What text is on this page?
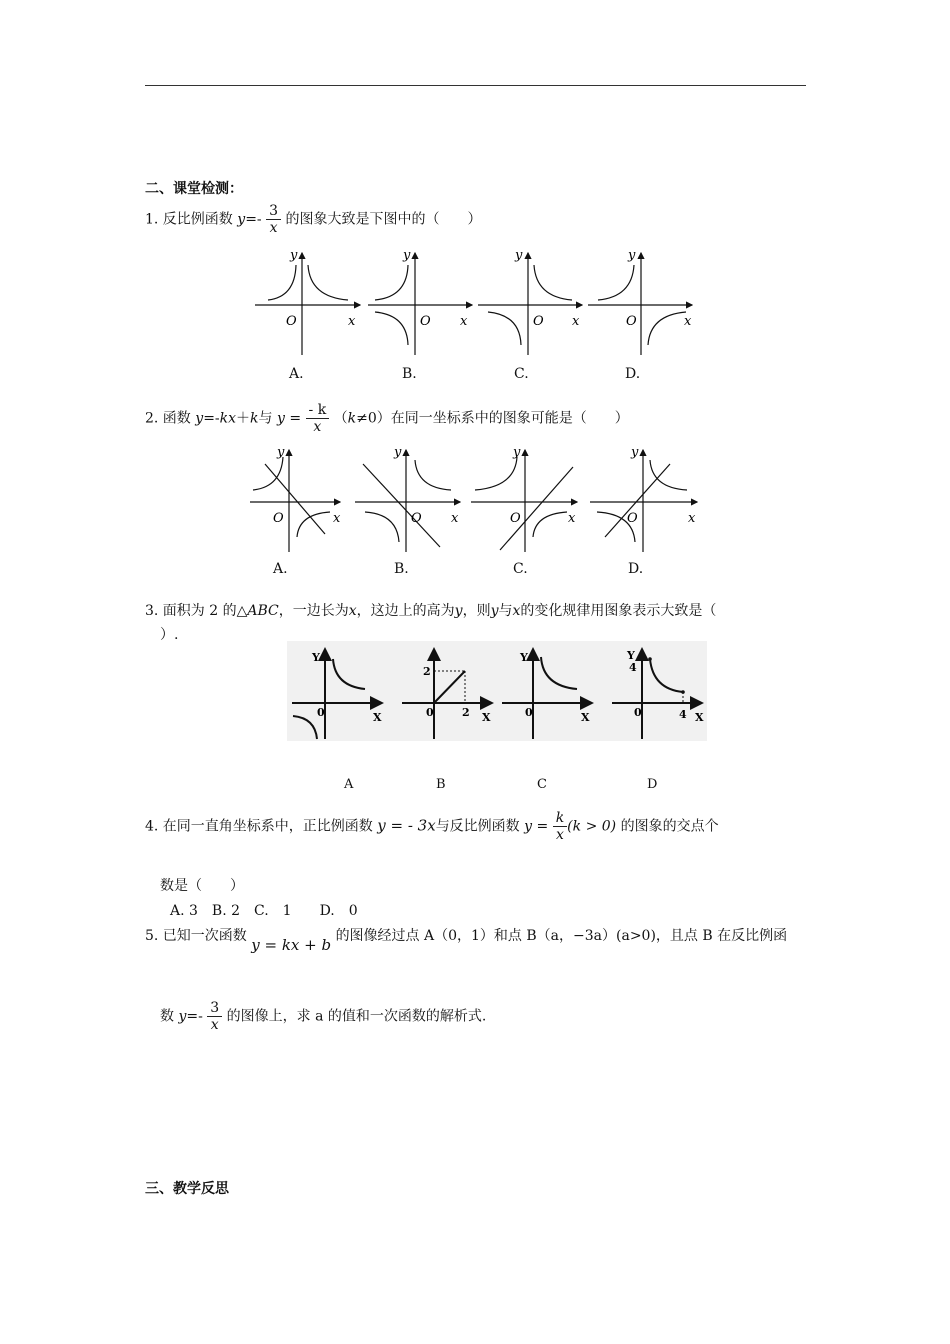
二、课堂检测：
1. 反比例函数 $y=- \frac{3}{x}$ 的图象大致是下图中的（　　）
y
O	x
y
O x
y
O x
y
O	x
A.	B.	C.	D.
2. 函数 y=-kx＋k与 $y = \frac{- k}{x} (k\ne 0)$在同一坐标系中的图象可能是（　　）
y
O	x
y
O x
y
O	x
y
O	x
A.	B.	C.	D.
3. 面积为 2 的△ABC，一边长为x，这边上的高为y，则y与x的变化规律用图象表示大致是（
）.
Y
0	X
2
0	2 X
Y
0	X
Y
4
0	4 X
A	B	C	D
4. 在同一直角坐标系中，正比例函数 y = - 3x与反比例函数 $y = \frac{k}{x} (k > 0)$ 的图象的交点个
数是（　　）
A. 3　B. 2　C.　1　　D.　0
5. 已知一次函数 y = kx + b 的图像经过点 A（0，1）和点 B（a，−3a）(a>0)，且点 B 在反比例函
数 $y=- \frac{3}{x}$ 的图像上，求 a 的值和一次函数的解析式.
三、教学反思
